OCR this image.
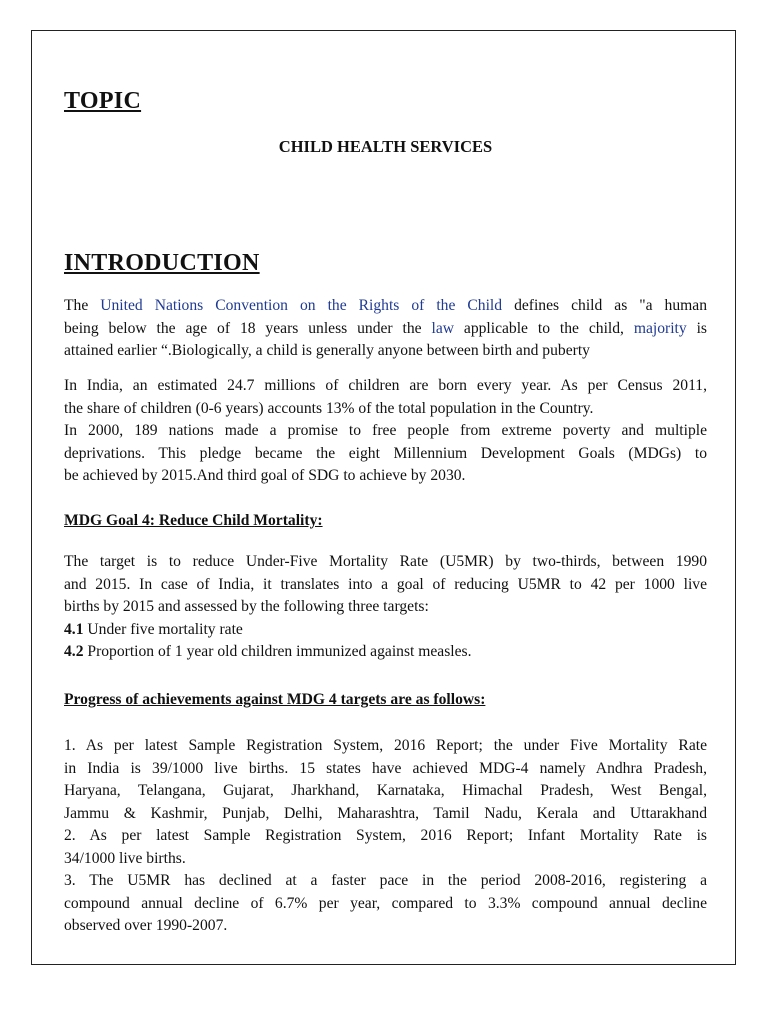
TOPIC
CHILD HEALTH SERVICES
INTRODUCTION

The United Nations Convention on the Rights of the Child defines child as "a human
being below the age of 18 years unless under the law applicable to the child, majority is
attained earlier “.Biologically, a child is generally anyone between birth and puberty

In India, an estimated 24.7 millions of children are born every year. As per Census 2011,
the share of children (0-6 years) accounts 13% of the total population in the Country.
In 2000, 189 nations made a promise to free people from extreme poverty and multiple
deprivations. This pledge became the eight Millennium Development Goals (MDGs) to
be achieved by 2015.And third goal of SDG to achieve by 2030.

MDG Goal 4: Reduce Child Mortality:

The target is to reduce Under-Five Mortality Rate (U5MR) by two-thirds, between 1990
and 2015. In case of India, it translates into a goal of reducing U5MR to 42 per 1000 live
births by 2015 and assessed by the following three targets:
4.1 Under five mortality rate
4.2 Proportion of 1 year old children immunized against measles.

Progress of achievements against MDG 4 targets are as follows:

1. As per latest Sample Registration System, 2016 Report; the under Five Mortality Rate
in India is 39/1000 live births. 15 states have achieved MDG-4 namely Andhra Pradesh,
Haryana, Telangana, Gujarat, Jharkhand, Karnataka, Himachal Pradesh, West Bengal,
Jammu & Kashmir, Punjab, Delhi, Maharashtra, Tamil Nadu, Kerala and Uttarakhand
2. As per latest Sample Registration System, 2016 Report; Infant Mortality Rate is
34/1000 live births.
3. The U5MR has declined at a faster pace in the period 2008-2016, registering a
compound annual decline of 6.7% per year, compared to 3.3% compound annual decline
observed over 1990-2007.
